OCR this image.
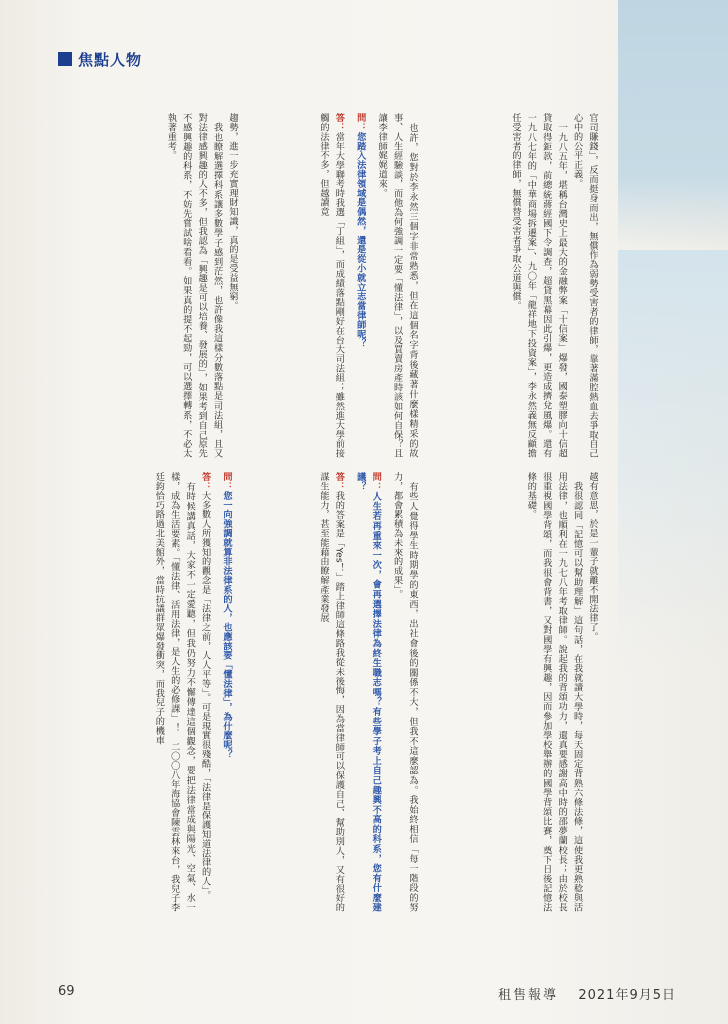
焦點人物
官司賺錢」，反而挺身而出，無償作為弱勢受害者的律師，靠著滿腔熱血去爭取自己心中的公平正義。
一九八五年，堪稱台灣史上最大的金融弊案「十信案」爆發，國泰塑膠向十信超貸取得鉅款，前總統蔣經國下令調查，超貸黑幕因此引爆，更造成擠兌風爆。還有一九八七年的「中華商場拆遷案」、九〇年「龍祥地下投資案」，李永然義無反顧擔任受害者的律師，無償替受害者爭取公道與償。
也許，您對於李永然三個字非常熟悉，但在這個名字背後藏著什麼樣精采的故事、人生經驗談，而他為何強調一定要「懂法律」，以及買賣房產時該如何自保？且讓李律師娓娓道來。
問：您踏入法律領域是偶然，還是從小就立志當律師呢？
答：當年大學聯考時我選「丁組」，而成績落點剛好在台大司法組；雖然進大學前接觸的法律不多，但越讀竟
越有意思，於是一輩子就離不開法律了。
我很認同「記憶可以幫助理解」這句話，在我就讀大學時，每天固定背熟六條法條，這使我更熟稔與活用法律，也順利在一九七八年考取律師。說起我的背頌功力，還真要感謝高中時的邵夢蘭校長；由於校長很重視國學背頌，而我很會背書，又對國學有興趣，因而參加學校舉辦的國學背頌比賽，奠下日後記憶法條的基礎。
有些人覺得學生時期學的東西，出社會後的關係不大，但我不這麼認為。我始終相信「每一階段的努力，都會累積為未來的成果」。
問：人生若再重來一次，會再選擇法律為終生職志嗎？有些學子考上自己趣興不高的科系，您有什麼建議？
答：我的答案是「Yes！」踏上律師這條路我從未後悔，因為當律師可以保護自己、幫助別人，又有很好的謀生能力，甚至能藉由瞭解產業發展
69	租售報導 2021年9月5日
趨勢，進一步充實理財知識，真的是受益無窮。
我也瞭解選擇科系讓多數學子感到茫然，也許像我這樣分數落點是司法組，且又對法律感興趣的人不多，但我認為「興趣是可以培養、發展的」，如果考到自己原先不感興趣的科系，不妨先嘗試啥看看。如果真的提不起勁，可以選擇轉系，不必太執著重考。
問：您一向強調就算非法律系的人，也應該要「懂法律」，為什麼呢？
答：大多數人所獲知的觀念是「法律之前，人人平等」。可是現實很殘酷，「法律是保護知道法律的人」。
有時候講真話，大家不一定愛聽，但我仍努力不懈傳達這個觀念，要把法律當成與陽光、空氣、水一樣，成為生活要素。「懂法律、活用法律，是人生的必修課」！二〇〇八年海協會陳雲林來台，我兒子李廷鈞恰巧路過北美館外，當時抗議群眾爆發衝突，而我兒子的機車
